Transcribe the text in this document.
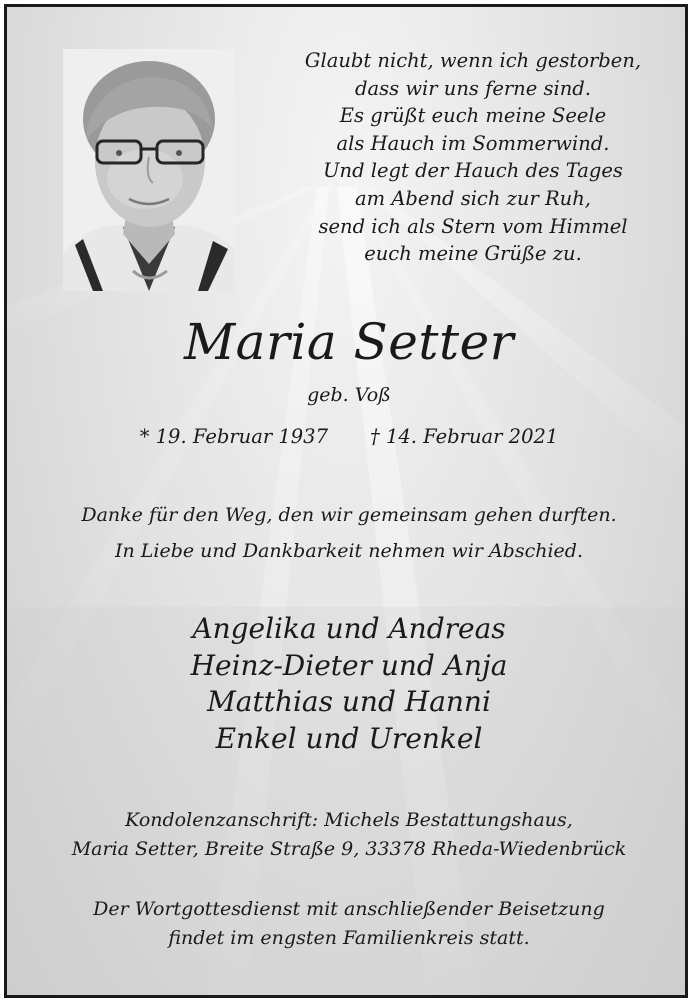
Glaubt nicht, wenn ich gestorben,
dass wir uns ferne sind.
Es grüßt euch meine Seele
als Hauch im Sommerwind.
Und legt der Hauch des Tages
am Abend sich zur Ruh,
send ich als Stern vom Himmel
euch meine Grüße zu.
Maria Setter
geb. Voß
* 19. Februar 1937 † 14. Februar 2021
Danke für den Weg, den wir gemeinsam gehen durften.
In Liebe und Dankbarkeit nehmen wir Abschied.
Angelika und Andreas
Heinz-Dieter und Anja
Matthias und Hanni
Enkel und Urenkel
Kondolenzanschrift: Michels Bestattungshaus,
Maria Setter, Breite Straße 9, 33378 Rheda-Wiedenbrück
Der Wortgottesdienst mit anschließender Beisetzung
findet im engsten Familienkreis statt.
